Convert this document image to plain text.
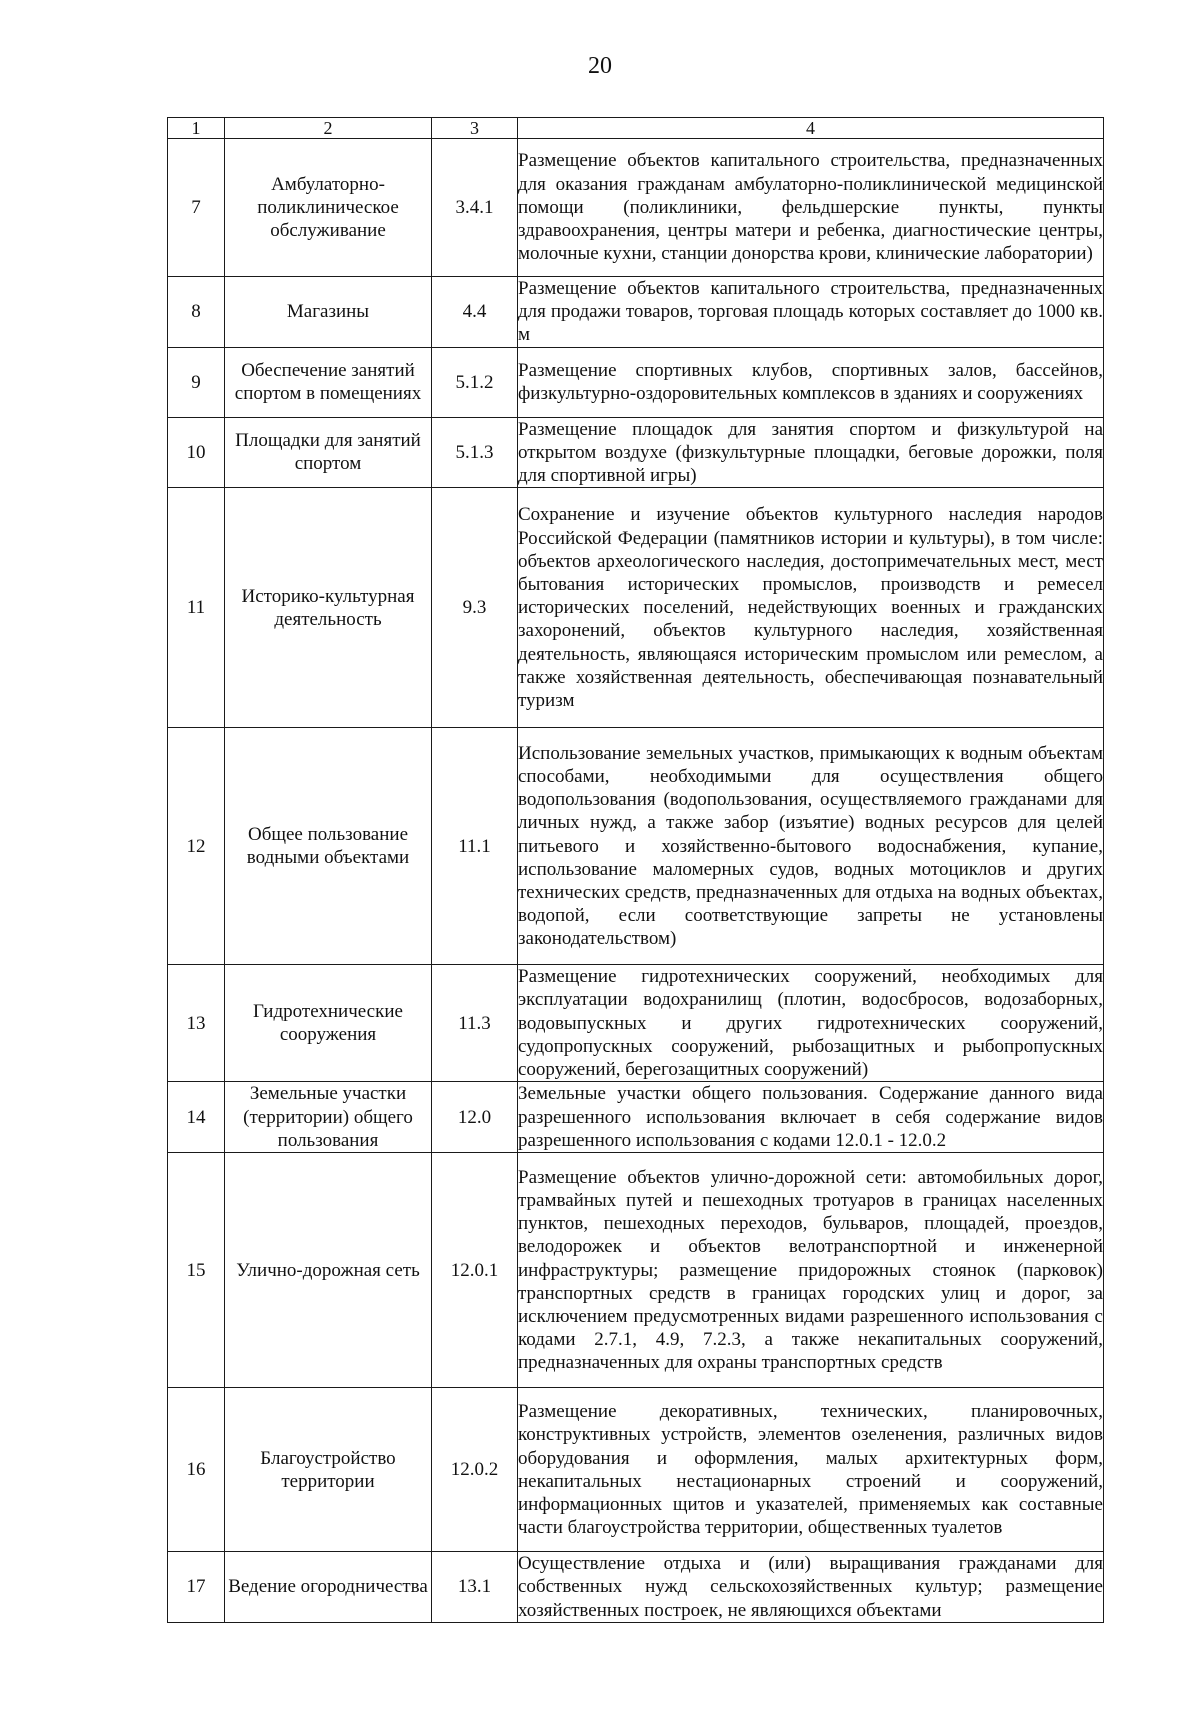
20
1	2	3	4
7	Амбулаторно-поликлиническое обслуживание	3.4.1	Размещение объектов капитального строительства, предназначенных для оказания гражданам амбулаторно-поликлинической медицинской помощи (поликлиники, фельдшерские пункты, пункты здравоохранения, центры матери и ребенка, диагностические центры, молочные кухни, станции донорства крови, клинические лаборатории)

8	Магазины	4.4	Размещение объектов капитального строительства, предназначенных для продажи товаров, торговая площадь которых составляет до 1000 кв. м

9	Обеспечение занятий спортом в помещениях	5.1.2	Размещение спортивных клубов, спортивных залов, бассейнов, физкультурно-оздоровительных комплексов в зданиях и сооружениях

10	Площадки для занятий спортом	5.1.3	Размещение площадок для занятия спортом и физкультурой на открытом воздухе (физкультурные площадки, беговые дорожки, поля для спортивной игры)

11	Историко-культурная деятельность	9.3	Сохранение и изучение объектов культурного наследия народов Российской Федерации (памятников истории и культуры), в том числе: объектов археологического наследия, достопримечательных мест, мест бытования исторических промыслов, производств и ремесел исторических поселений, недействующих военных и гражданских захоронений, объектов культурного наследия, хозяйственная деятельность, являющаяся историческим промыслом или ремеслом, а также хозяйственная деятельность, обеспечивающая познавательный туризм

12	Общее пользование водными объектами	11.1	Использование земельных участков, примыкающих к водным объектам способами, необходимыми для осуществления общего водопользования (водопользования, осуществляемого гражданами для личных нужд, а также забор (изъятие) водных ресурсов для целей питьевого и хозяйственно-бытового водоснабжения, купание, использование маломерных судов, водных мотоциклов и других технических средств, предназначенных для отдыха на водных объектах, водопой, если соответствующие запреты не установлены законодательством)

13	Гидротехнические сооружения	11.3	Размещение гидротехнических сооружений, необходимых для эксплуатации водохранилищ (плотин, водосбросов, водозаборных, водовыпускных и других гидротехнических сооружений, судопропускных сооружений, рыбозащитных и рыбопропускных сооружений, берегозащитных сооружений)

14	Земельные участки (территории) общего пользования	12.0	Земельные участки общего пользования. Содержание данного вида разрешенного использования включает в себя содержание видов разрешенного использования с кодами 12.0.1 - 12.0.2

15	Улично-дорожная сеть	12.0.1	Размещение объектов улично-дорожной сети: автомобильных дорог, трамвайных путей и пешеходных тротуаров в границах населенных пунктов, пешеходных переходов, бульваров, площадей, проездов, велодорожек и объектов велотранспортной и инженерной инфраструктуры; размещение придорожных стоянок (парковок) транспортных средств в границах городских улиц и дорог, за исключением предусмотренных видами разрешенного использования с кодами 2.7.1, 4.9, 7.2.3, а также некапитальных сооружений, предназначенных для охраны транспортных средств

16	Благоустройство территории	12.0.2	Размещение декоративных, технических, планировочных, конструктивных устройств, элементов озеленения, различных видов оборудования и оформления, малых архитектурных форм, некапитальных нестационарных строений и сооружений, информационных щитов и указателей, применяемых как составные части благоустройства территории, общественных туалетов

17	Ведение огородничества	13.1	Осуществление отдыха и (или) выращивания гражданами для собственных нужд сельскохозяйственных культур; размещение хозяйственных построек, не являющихся объектами
